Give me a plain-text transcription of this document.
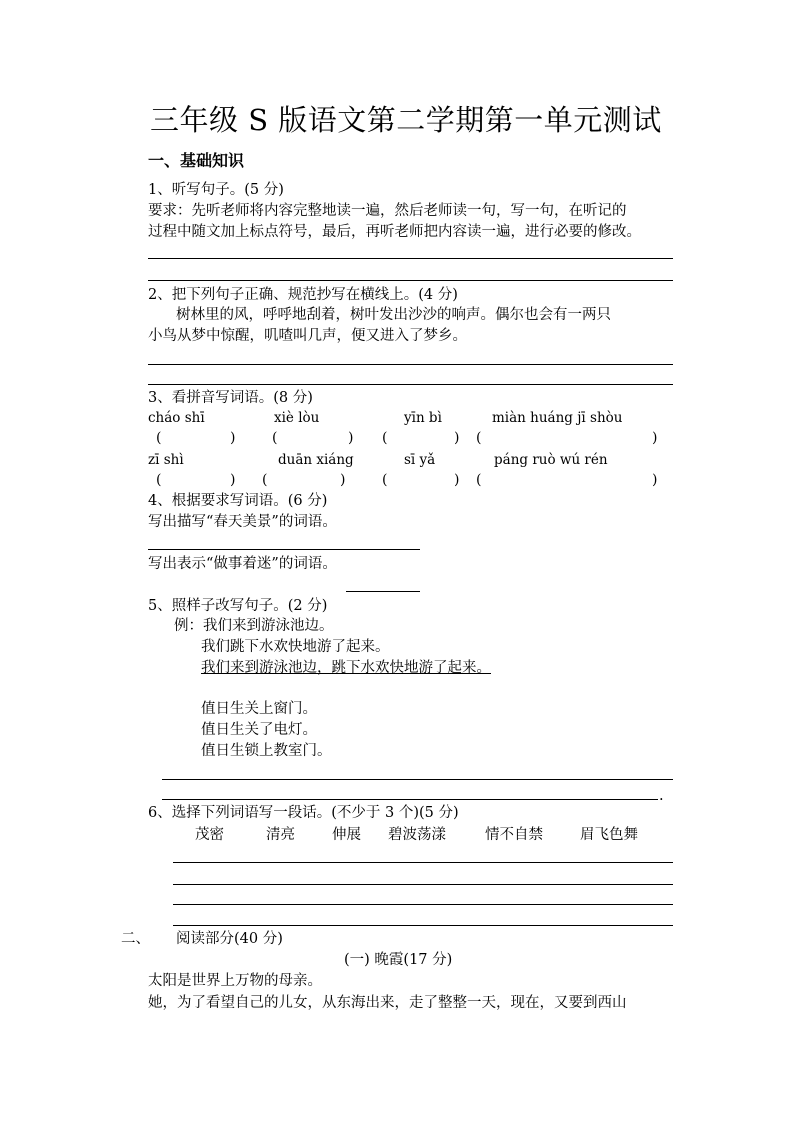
三年级 S 版语文第二学期第一单元测试
一、基础知识
1、听写句子。(5 分)
要求：先听老师将内容完整地读一遍，然后老师读一句，写一句，在听记的
过程中随文加上标点符号，最后，再听老师把内容读一遍，进行必要的修改。
2、把下列句子正确、规范抄写在横线上。(4 分)
树林里的风，呼呼地刮着，树叶发出沙沙的响声。偶尔也会有一两只
小鸟从梦中惊醒，叽喳叫几声，便又进入了梦乡。
3、看拼音写词语。(8 分)
cháo shī	xiè lòu	yīn bì	miàn huáng jī shòu
(	)	(	) (	) (	)
zī shì	duān xiáng	sī yǎ	páng ruò wú rén
(	) (	)	(	) (	)
4、根据要求写词语。(6 分)
写出描写“春天美景”的词语。
写出表示“做事着迷”的词语。
5、照样子改写句子。(2 分)
例：我们来到游泳池边。
我们跳下水欢快地游了起来。
我们来到游泳池边，跳下水欢快地游了起来。
值日生关上窗门。
值日生关了电灯。
值日生锁上教室门。
.
6、选择下列词语写一段话。(不少于 3 个)(5 分)
茂密	清亮	伸展 碧波荡漾	情不自禁	眉飞色舞
二、 阅读部分(40 分)
(一) 晚霞(17 分)
太阳是世界上万物的母亲。
她，为了看望自己的儿女，从东海出来，走了整整一天，现在，又要到西山
